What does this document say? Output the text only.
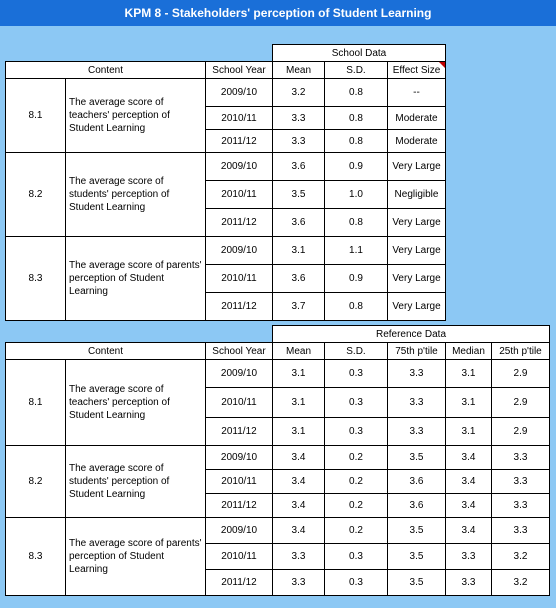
KPM 8 - Stakeholders' perception of Student Learning
			School Data		
Content		School Year	Mean	S.D.	Effect Size
8.1	The average score of teachers' perception of Student Learning	2009/10	3.2	0.8	--
		2010/11	3.3	0.8	Moderate
		2011/12	3.3	0.8	Moderate
8.2	The average score of students' perception of Student Learning	2009/10	3.6	0.9	Very Large
		2010/11	3.5	1.0	Negligible
		2011/12	3.6	0.8	Very Large
8.3	The average score of parents' perception of Student Learning	2009/10	3.1	1.1	Very Large
		2010/11	3.6	0.9	Very Large
		2011/12	3.7	0.8	Very Large
			Reference Data				
Content		School Year	Mean	S.D.	75th p'tile	Median	25th p'tile
8.1	The average score of teachers' perception of Student Learning	2009/10	3.1	0.3	3.3	3.1	2.9
		2010/11	3.1	0.3	3.3	3.1	2.9
		2011/12	3.1	0.3	3.3	3.1	2.9
8.2	The average score of students' perception of Student Learning	2009/10	3.4	0.2	3.5	3.4	3.3
		2010/11	3.4	0.2	3.6	3.4	3.3
		2011/12	3.4	0.2	3.6	3.4	3.3
8.3	The average score of parents' perception of Student Learning	2009/10	3.4	0.2	3.5	3.4	3.3
		2010/11	3.3	0.3	3.5	3.3	3.2
		2011/12	3.3	0.3	3.5	3.3	3.2
